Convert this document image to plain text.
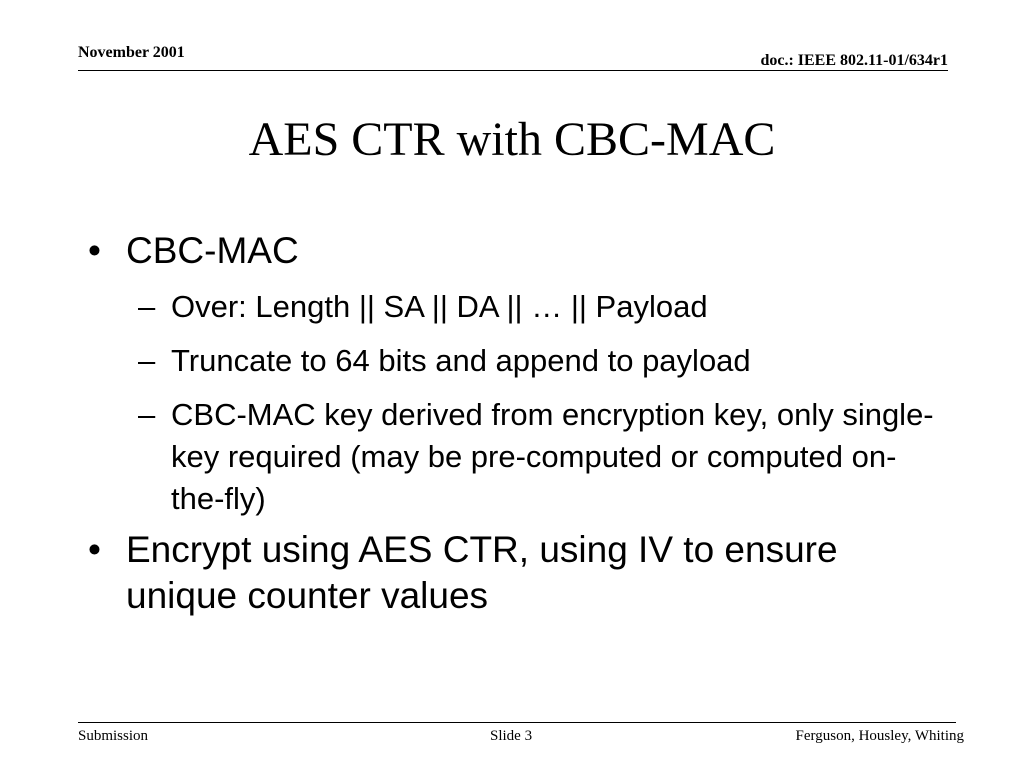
November 2001	doc.: IEEE 802.11-01/634r1
AES CTR with CBC-MAC
• CBC-MAC
– Over: Length || SA || DA || … || Payload
– Truncate to 64 bits and append to payload
– CBC-MAC key derived from encryption key, only single-key required (may be pre-computed or computed on-the-fly)
• Encrypt using AES CTR, using IV to ensure unique counter values
Submission	Slide 3	Ferguson, Housley, Whiting
